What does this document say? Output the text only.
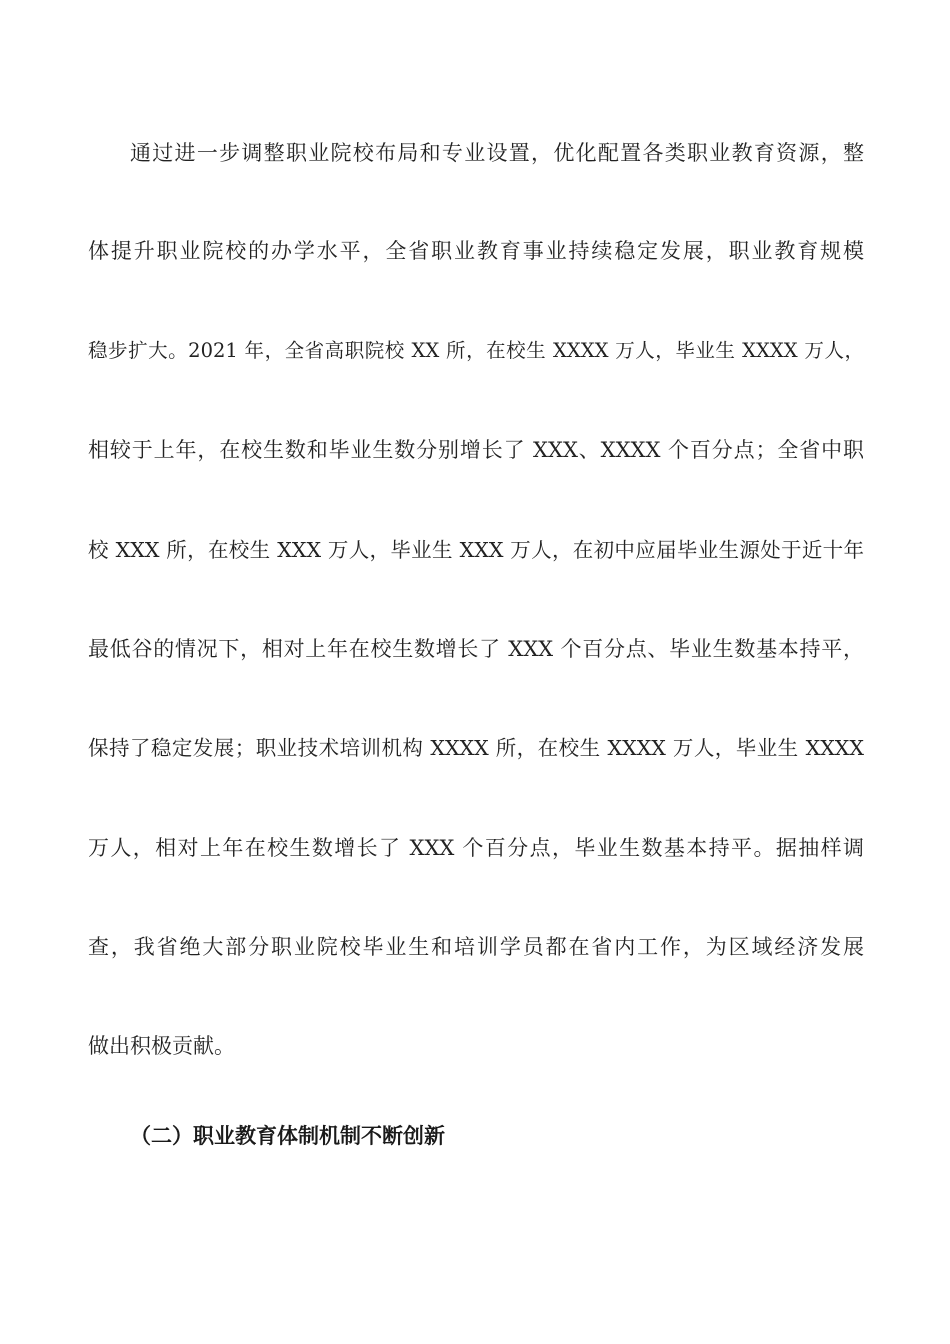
通过进一步调整职业院校布局和专业设置，优化配置各类职业教育资源，整

体提升职业院校的办学水平，全省职业教育事业持续稳定发展，职业教育规模

稳步扩大。2021 年，全省高职院校 XX 所，在校生 XXXX 万人，毕业生 XXXX 万人，

相较于上年，在校生数和毕业生数分别增长了 XXX、XXXX 个百分点；全省中职

校 XXX 所，在校生 XXX 万人，毕业生 XXX 万人，在初中应届毕业生源处于近十年

最低谷的情况下，相对上年在校生数增长了 XXX 个百分点、毕业生数基本持平，

保持了稳定发展；职业技术培训机构 XXXX 所，在校生 XXXX 万人，毕业生 XXXX

万人，相对上年在校生数增长了 XXX 个百分点，毕业生数基本持平。据抽样调

查，我省绝大部分职业院校毕业生和培训学员都在省内工作，为区域经济发展

做出积极贡献。

（二）职业教育体制机制不断创新
